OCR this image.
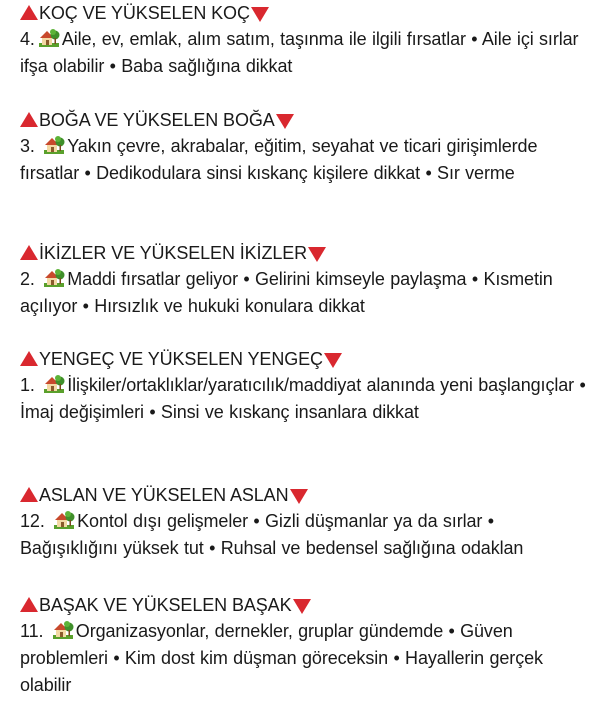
KOÇ VE YÜKSELEN KOÇ

4. Aile, ev, emlak, alım satım, taşınma ile ilgili fırsatlar • Aile içi sırlar ifşa olabilir • Baba sağlığına dikkat

BOĞA VE YÜKSELEN BOĞA

3. Yakın çevre, akrabalar, eğitim, seyahat ve ticari girişimlerde fırsatlar • Dedikodulara sinsi kıskanç kişilere dikkat • Sır verme

İKİZLER VE YÜKSELEN İKİZLER

2. Maddi fırsatlar geliyor • Gelirini kimseyle paylaşma • Kısmetin açılıyor • Hırsızlık ve hukuki konulara dikkat

YENGEÇ VE YÜKSELEN YENGEÇ

1. İlişkiler/ortaklıklar/yaratıcılık/maddiyat alanında yeni başlangıçlar • İmaj değişimleri • Sinsi ve kıskanç insanlara dikkat

ASLAN VE YÜKSELEN ASLAN

12. Kontol dışı gelişmeler • Gizli düşmanlar ya da sırlar • Bağışıklığını yüksek tut • Ruhsal ve bedensel sağlığına odaklan

BAŞAK VE YÜKSELEN BAŞAK

11. Organizasyonlar, dernekler, gruplar gündemde • Güven problemleri • Kim dost kim düşman göreceksin • Hayallerin gerçek olabilir
